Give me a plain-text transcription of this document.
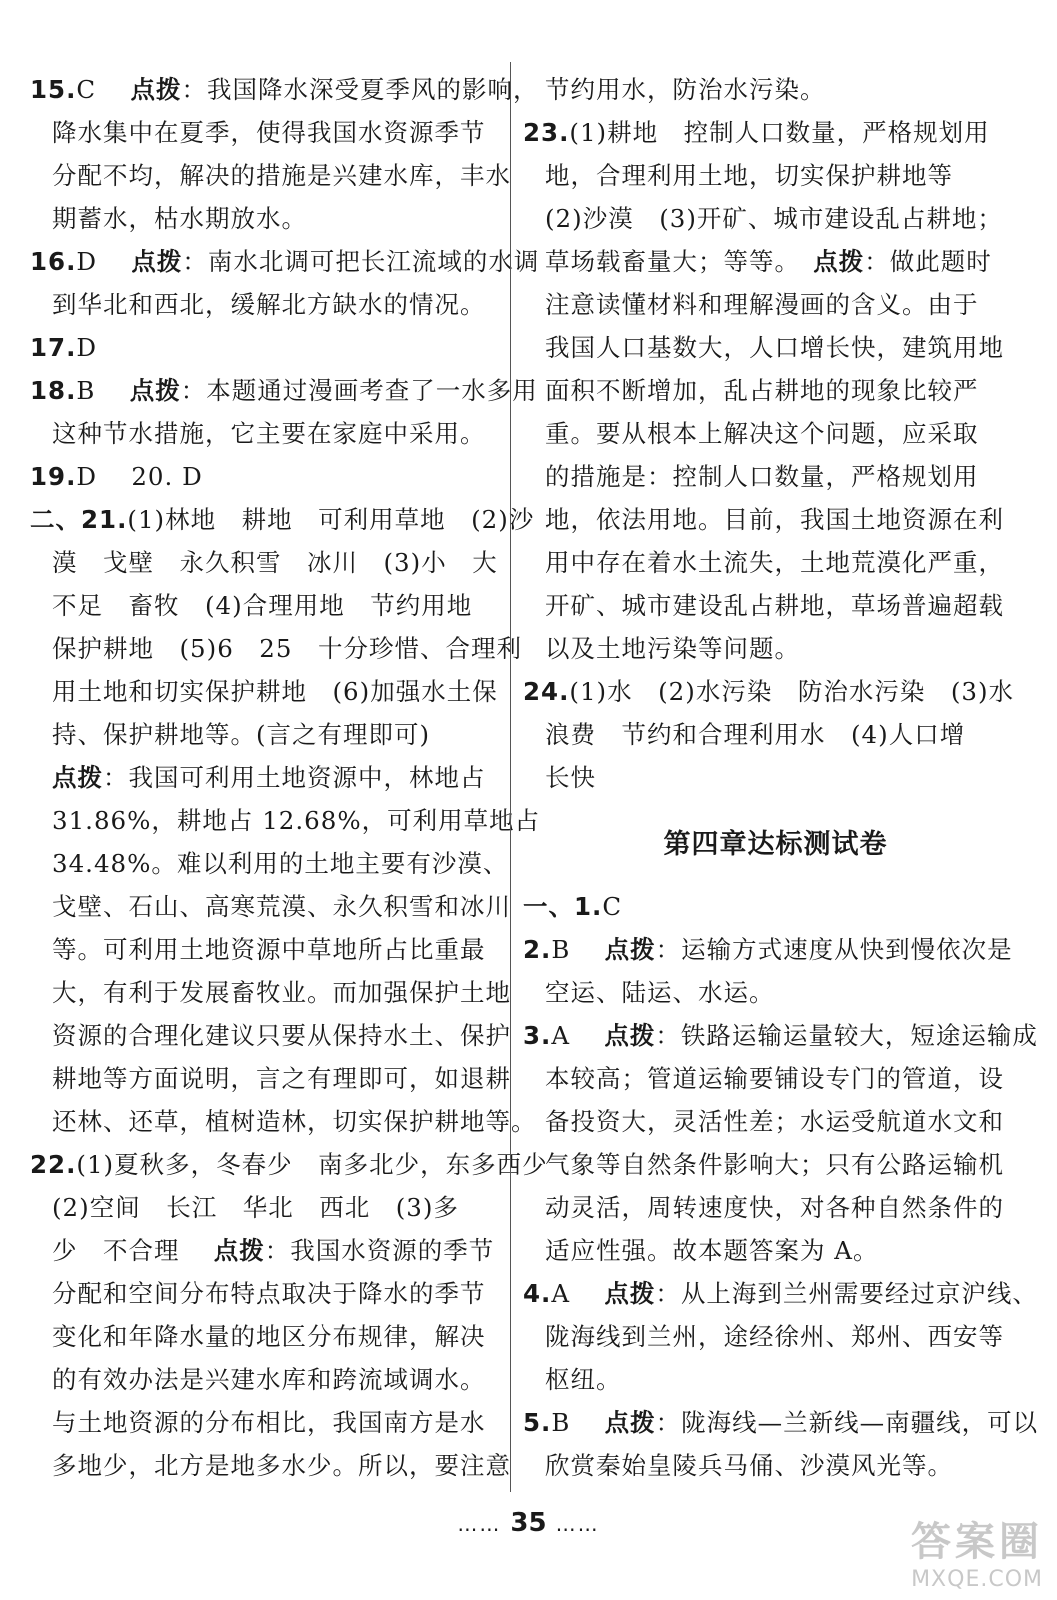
15.C　 点拨：我国降水深受夏季风的影响，

降水集中在夏季，使得我国水资源季节

分配不均，解决的措施是兴建水库，丰水

期蓄水，枯水期放水。

16.D　 点拨：南水北调可把长江流域的水调

到华北和西北，缓解北方缺水的情况。

17.D

18.B　 点拨：本题通过漫画考查了一水多用

这种节水措施，它主要在家庭中采用。

19.D　 20. D

二、21.(1)林地　耕地　可利用草地　(2)沙

漠　戈壁　永久积雪　冰川　(3)小　大

不足　畜牧　(4)合理用地　节约用地

保护耕地　(5)6　25　十分珍惜、合理利

用土地和切实保护耕地　(6)加强水土保

持、保护耕地等。(言之有理即可)

点拨：我国可利用土地资源中，林地占

31.86%，耕地占 12.68%，可利用草地占

34.48%。难以利用的土地主要有沙漠、

戈壁、石山、高寒荒漠、永久积雪和冰川

等。可利用土地资源中草地所占比重最

大，有利于发展畜牧业。而加强保护土地

资源的合理化建议只要从保持水土、保护

耕地等方面说明，言之有理即可，如退耕

还林、还草，植树造林，切实保护耕地等。

22.(1)夏秋多，冬春少　南多北少，东多西少

(2)空间　长江　华北　西北　(3)多

少　不合理　 点拨：我国水资源的季节

分配和空间分布特点取决于降水的季节

变化和年降水量的地区分布规律，解决

的有效办法是兴建水库和跨流域调水。

与土地资源的分布相比，我国南方是水

多地少，北方是地多水少。所以，要注意

节约用水，防治水污染。

23.(1)耕地　控制人口数量，严格规划用

地，合理利用土地，切实保护耕地等

(2)沙漠　(3)开矿、城市建设乱占耕地；

草场载畜量大；等等。　点拨：做此题时

注意读懂材料和理解漫画的含义。由于

我国人口基数大，人口增长快，建筑用地

面积不断增加，乱占耕地的现象比较严

重。要从根本上解决这个问题，应采取

的措施是：控制人口数量，严格规划用

地，依法用地。目前，我国土地资源在利

用中存在着水土流失，土地荒漠化严重，

开矿、城市建设乱占耕地，草场普遍超载

以及土地污染等问题。

24.(1)水　(2)水污染　防治水污染　(3)水

浪费　节约和合理利用水　(4)人口增

长快

第四章达标测试卷

一、1.C

2.B　 点拨：运输方式速度从快到慢依次是

空运、陆运、水运。

3.A　 点拨：铁路运输运量较大，短途运输成

本较高；管道运输要铺设专门的管道，设

备投资大，灵活性差；水运受航道水文和

气象等自然条件影响大；只有公路运输机

动灵活，周转速度快，对各种自然条件的

适应性强。故本题答案为 A。

4.A　 点拨：从上海到兰州需要经过京沪线、

陇海线到兰州，途经徐州、郑州、西安等

枢纽。

5.B　 点拨：陇海线—兰新线—南疆线，可以

欣赏秦始皇陵兵马俑、沙漠风光等。

…… 35 ……	答案圈
MXQE.COM
